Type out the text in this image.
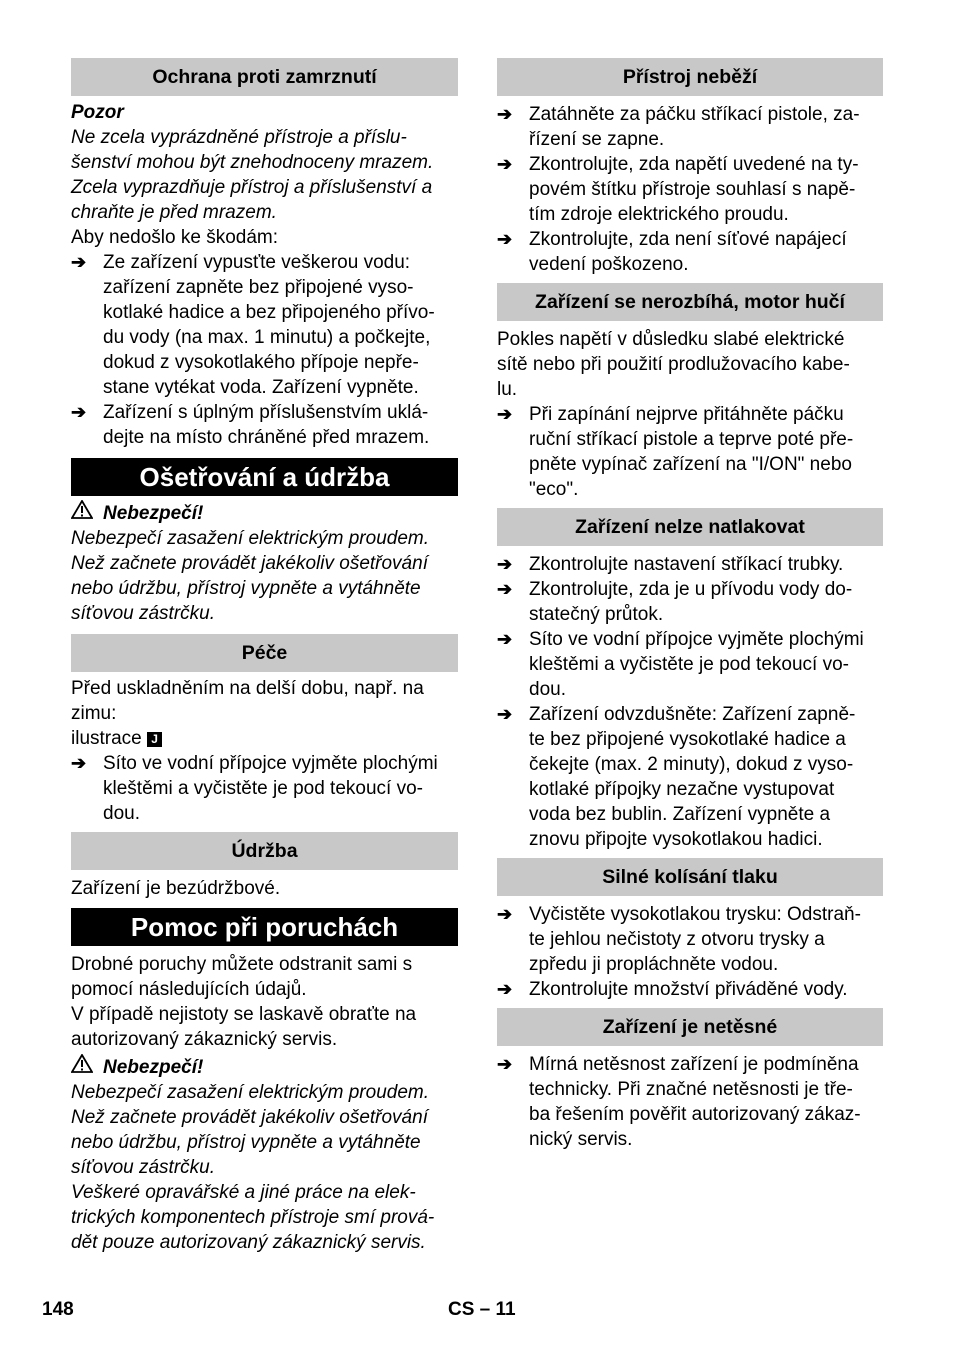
Ochrana proti zamrznutí
Pozor
Ne zcela vyprázdněné přístroje a příslu-
šenství mohou být znehodnoceny mrazem.
Zcela vyprazdňuje přístroj a příslušenství a
chraňte je před mrazem.
Aby nedošlo ke škodám:
➔ Ze zařízení vypusťte veškerou vodu:
zařízení zapněte bez připojené vyso-
kotlaké hadice a bez připojeného přívo-
du vody (na max. 1 minutu) a počkejte,
dokud z vysokotlakého přípoje nepře-
stane vytékat voda. Zařízení vypněte.
➔ Zařízení s úplným příslušenstvím uklá-
dejte na místo chráněné před mrazem.
Ošetřování a údržba
Nebezpečí!
Nebezpečí zasažení elektrickým proudem.
Než začnete provádět jakékoliv ošetřování
nebo údržbu, přístroj vypněte a vytáhněte
síťovou zástrčku.
Péče
Před uskladněním na delší dobu, např. na
zimu:
ilustrace J
➔ Síto ve vodní přípojce vyjměte plochými
kleštěmi a vyčistěte je pod tekoucí vo-
dou.
Údržba
Zařízení je bezúdržbové.
Pomoc při poruchách
Drobné poruchy můžete odstranit sami s
pomocí následujících údajů.
V případě nejistoty se laskavě obraťte na
autorizovaný zákaznický servis.
Nebezpečí!
Nebezpečí zasažení elektrickým proudem.
Než začnete provádět jakékoliv ošetřování
nebo údržbu, přístroj vypněte a vytáhněte
síťovou zástrčku.
Veškeré opravářské a jiné práce na elek-
trických komponentech přístroje smí prová-
dět pouze autorizovaný zákaznický servis.
Přístroj neběží
➔ Zatáhněte za páčku stříkací pistole, za-
řízení se zapne.
➔ Zkontrolujte, zda napětí uvedené na ty-
povém štítku přístroje souhlasí s napě-
tím zdroje elektrického proudu.
➔ Zkontrolujte, zda není síťové napájecí
vedení poškozeno.
Zařízení se nerozbíhá, motor hučí
Pokles napětí v důsledku slabé elektrické
sítě nebo při použití prodlužovacího kabe-
lu.
➔ Při zapínání nejprve přitáhněte páčku
ruční stříkací pistole a teprve poté pře-
pněte vypínač zařízení na "I/ON" nebo
"eco".
Zařízení nelze natlakovat
➔ Zkontrolujte nastavení stříkací trubky.
➔ Zkontrolujte, zda je u přívodu vody do-
statečný průtok.
➔ Síto ve vodní přípojce vyjměte plochými
kleštěmi a vyčistěte je pod tekoucí vo-
dou.
➔ Zařízení odvzdušněte: Zařízení zapně-
te bez připojené vysokotlaké hadice a
čekejte (max. 2 minuty), dokud z vyso-
kotlaké přípojky nezačne vystupovat
voda bez bublin. Zařízení vypněte a
znovu připojte vysokotlakou hadici.
Silné kolísání tlaku
➔ Vyčistěte vysokotlakou trysku: Odstraň-
te jehlou nečistoty z otvoru trysky a
zpředu ji propláchněte vodou.
➔ Zkontrolujte množství přiváděné vody.
Zařízení je netěsné
➔ Mírná netěsnost zařízení je podmíněna
technicky. Při značné netěsnosti je tře-
ba řešením pověřit autorizovaný zákaz-
nický servis.
148	CS – 11
